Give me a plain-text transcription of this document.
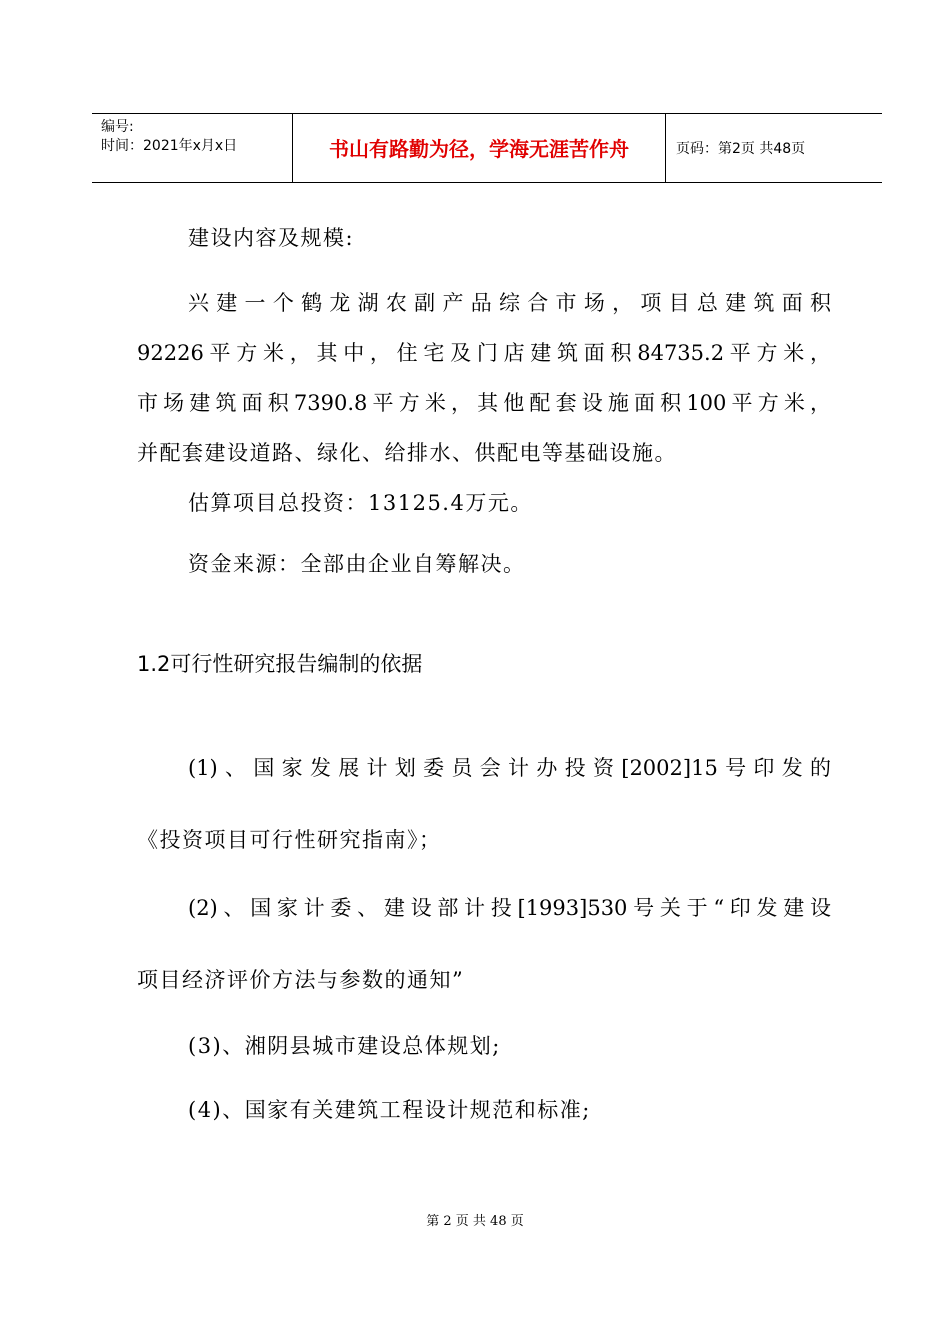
编号:
时间：2021年x月x日	书山有路勤为径，学海无涯苦作舟	页码：第2页 共48页
建设内容及规模:
兴建一个鹤龙湖农副产品综合市场，项目总建筑面积
92226平方米，其中，住宅及门店建筑面积84735.2平方米，
市场建筑面积7390.8平方米，其他配套设施面积100平方米，
并配套建设道路、绿化、给排水、供配电等基础设施。
估算项目总投资：13125.4万元。
资金来源：全部由企业自筹解决。
1.2可行性研究报告编制的依据
(1)、国家发展计划委员会计办投资[2002]15号印发的
《投资项目可行性研究指南》；
(2)、国家计委、建设部计投[1993]530号关于“印发建设
项目经济评价方法与参数的通知”
(3)、湘阴县城市建设总体规划;
(4)、国家有关建筑工程设计规范和标准;
第 2 页 共 48 页
